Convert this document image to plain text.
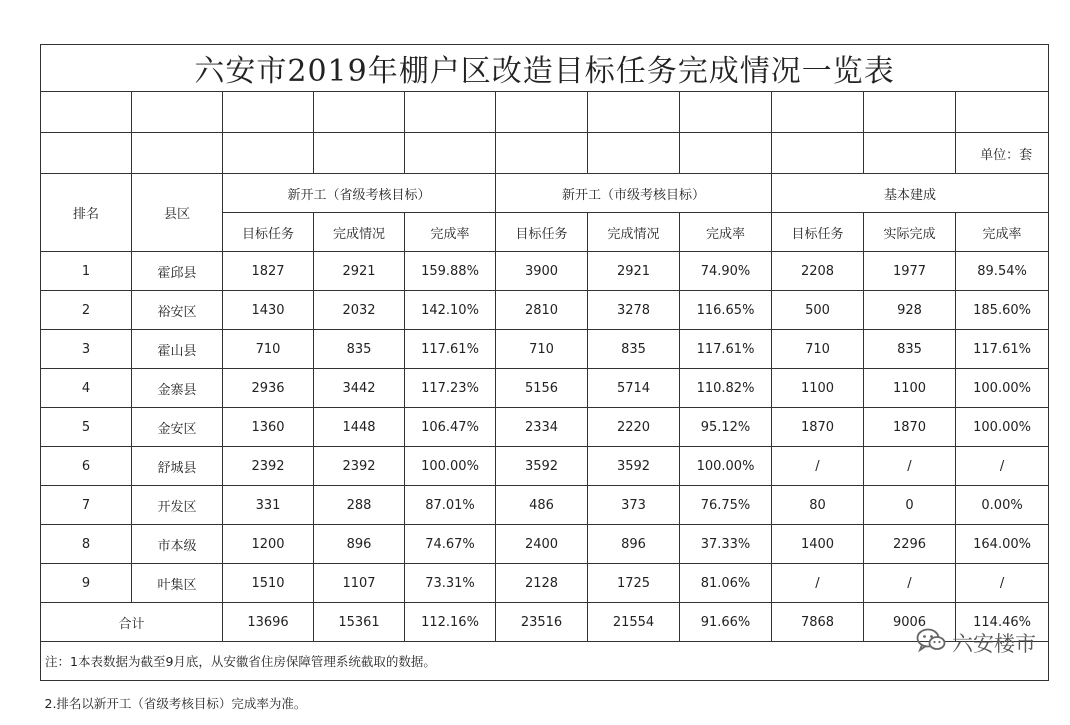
六安市2019年棚户区改造目标任务完成情况一览表										

										单位：套
排名	县区	新开工（省级考核目标）			新开工（市级考核目标）			基本建成		
		目标任务	完成情况	完成率	目标任务	完成情况	完成率	目标任务	实际完成	完成率
1	霍邱县	1827	2921	159.88%	3900	2921	74.90%	2208	1977	89.54%
2	裕安区	1430	2032	142.10%	2810	3278	116.65%	500	928	185.60%
3	霍山县	710	835	117.61%	710	835	117.61%	710	835	117.61%
4	金寨县	2936	3442	117.23%	5156	5714	110.82%	1100	1100	100.00%
5	金安区	1360	1448	106.47%	2334	2220	95.12%	1870	1870	100.00%
6	舒城县	2392	2392	100.00%	3592	3592	100.00%	/	/	/
7	开发区	331	288	87.01%	486	373	76.75%	80	0	0.00%
8	市本级	1200	896	74.67%	2400	896	37.33%	1400	2296	164.00%
9	叶集区	1510	1107	73.31%	2128	1725	81.06%	/	/	/
合计		13696	15361	112.16%	23516	21554	91.66%	7868	9006	114.46%
注：1本表数据为截至9月底，从安徽省住房保障管理系统截取的数据。										
2.排名以新开工（省级考核目标）完成率为准。										
六安楼市
